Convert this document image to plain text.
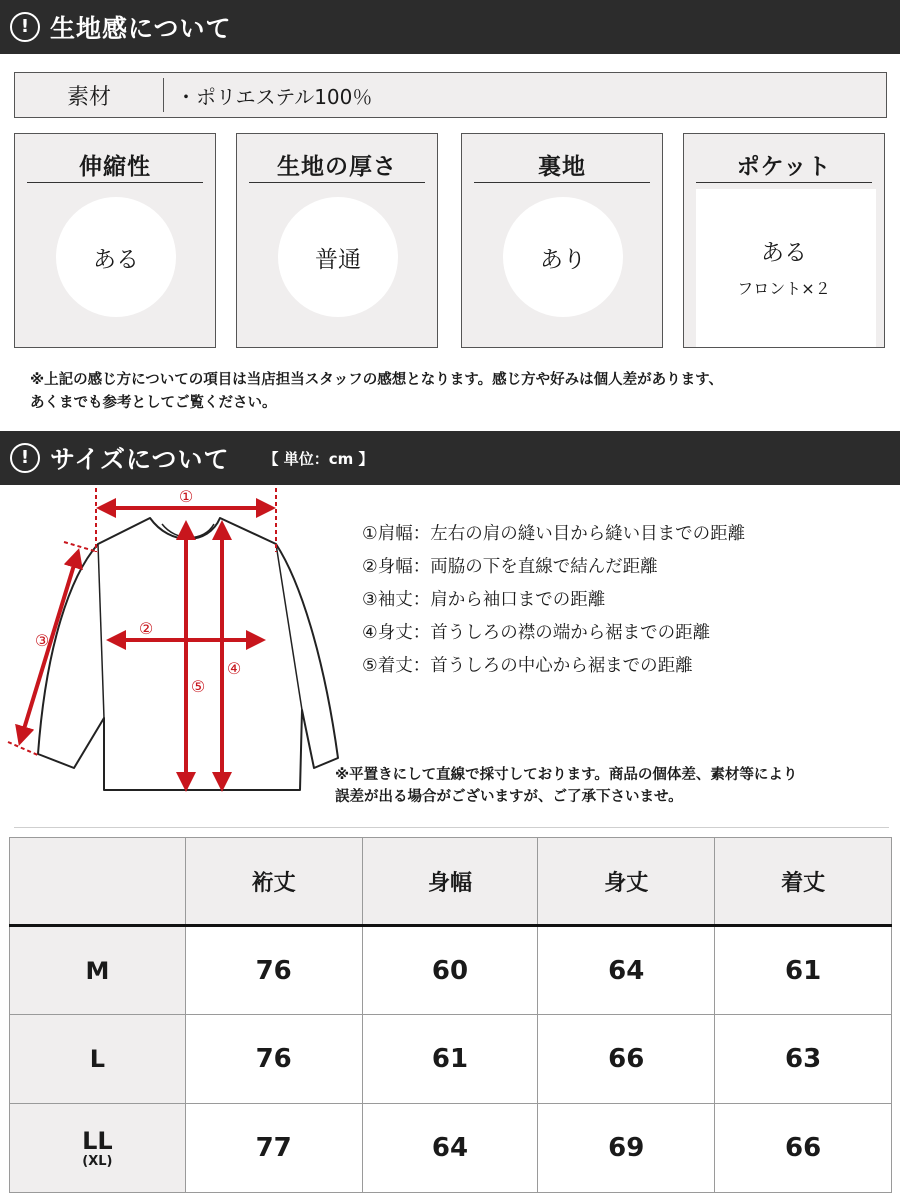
! 生地感について
素材	・ポリエステル100％
伸縮性
ある
生地の厚さ
普通
裏地
あり
ポケット
ある
フロント×２
※上記の感じ方についての項目は当店担当スタッフの感想となります。感じ方や好みは個人差があります、
あくまでも参考としてご覧ください。
! サイズについて 【 単位：cm 】
①
③
②
⑤
④
①肩幅：左右の肩の縫い目から縫い目までの距離
②身幅：両脇の下を直線で結んだ距離
③袖丈：肩から袖口までの距離
④身丈：首うしろの襟の端から裾までの距離
⑤着丈：首うしろの中心から裾までの距離
※平置きにして直線で採寸しております。商品の個体差、素材等により
誤差が出る場合がございますが、ご了承下さいませ。
	裄丈	身幅	身丈	着丈
M	76	60	64	61
L	76	61	66	63
LL
(XL)	77	64	69	66
